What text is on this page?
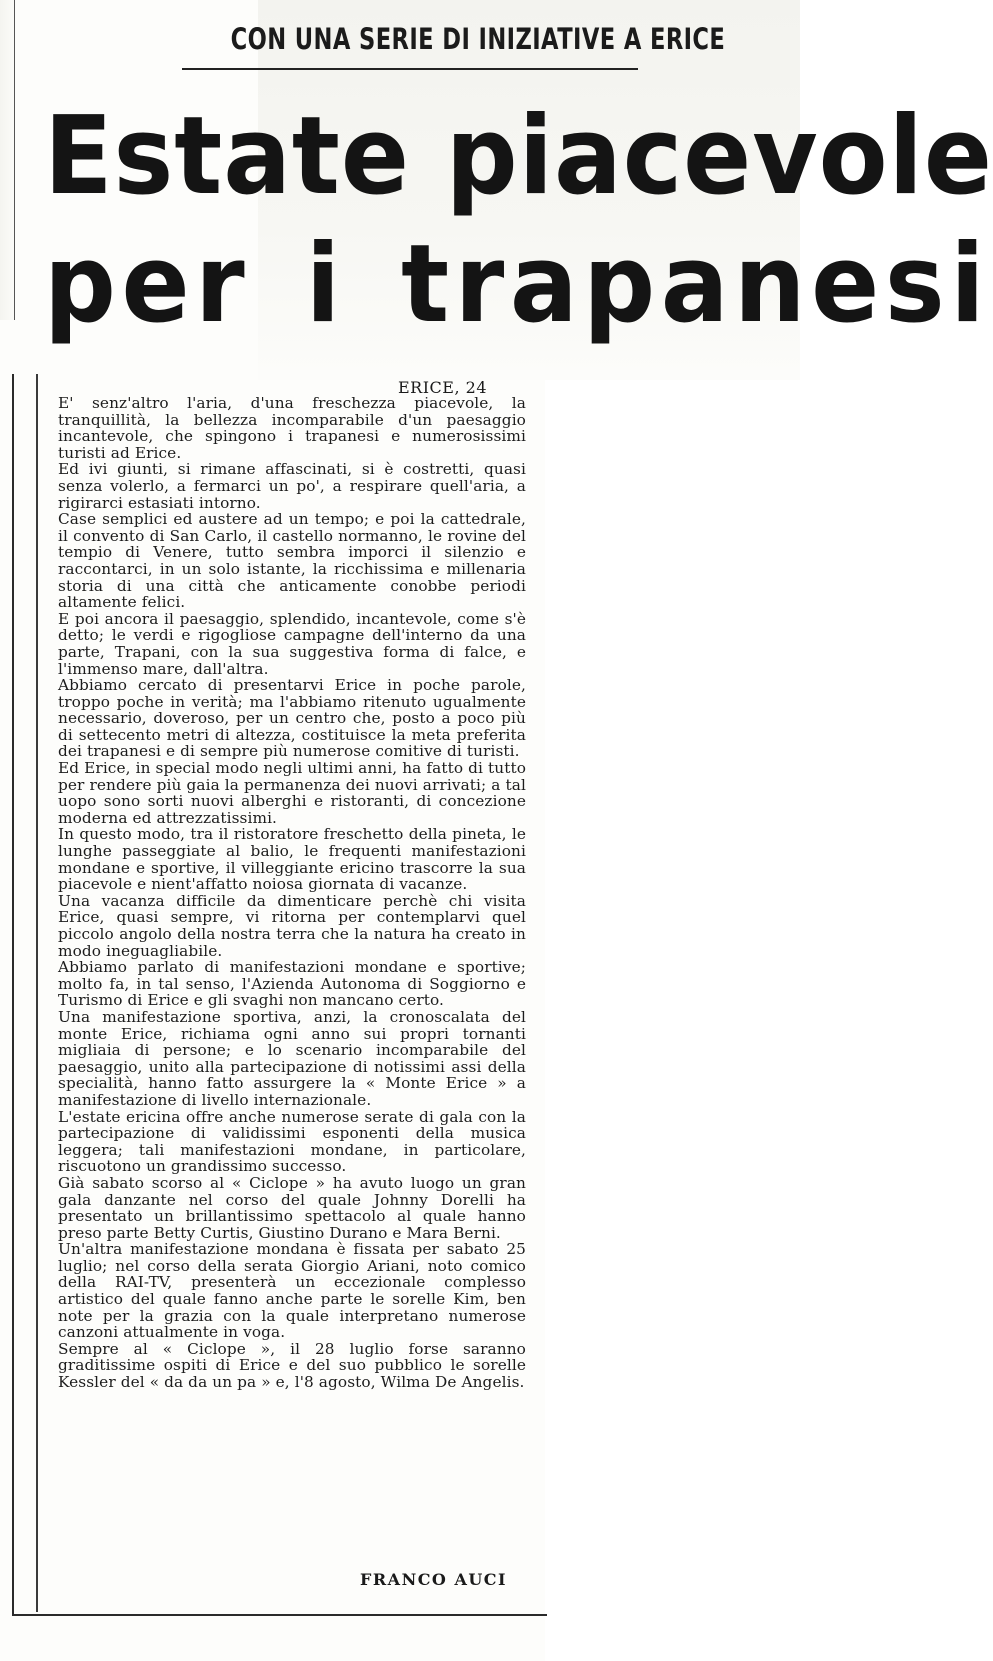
CON UNA SERIE DI INIZIATIVE A ERICE
Estate piacevole
per i trapanesi
ERICE, 24

E' senz'altro l'aria, d'una freschezza piacevole, la tranquillità, la bellezza incomparabile d'un paesaggio incantevole, che spingono i trapanesi e numerosissimi turisti ad Erice.

Ed ivi giunti, si rimane affascinati, si è costretti, quasi senza volerlo, a fermarci un po', a respirare quell'aria, a rigirarci estasiati intorno.

Case semplici ed austere ad un tempo; e poi la cattedrale, il convento di San Carlo, il castello normanno, le rovine del tempio di Venere, tutto sembra imporci il silenzio e raccontarci, in un solo istante, la ricchissima e millenaria storia di una città che anticamente conobbe periodi altamente felici.

E poi ancora il paesaggio, splendido, incantevole, come s'è detto; le verdi e rigogliose campagne dell'interno da una parte, Trapani, con la sua suggestiva forma di falce, e l'immenso mare, dall'altra.

Abbiamo cercato di presentarvi Erice in poche parole, troppo poche in verità; ma l'abbiamo ritenuto ugualmente necessario, doveroso, per un centro che, posto a poco più di settecento metri di altezza, costituisce la meta preferita dei trapanesi e di sempre più numerose comitive di turisti.

Ed Erice, in special modo negli ultimi anni, ha fatto di tutto per rendere più gaia la permanenza dei nuovi arrivati; a tal uopo sono sorti nuovi alberghi e ristoranti, di concezione moderna ed attrezzatissimi.

In questo modo, tra il ristoratore freschetto della pineta, le lunghe passeggiate al balio, le frequenti manifestazioni mondane e sportive, il villeggiante ericino trascorre la sua piacevole e nient'affatto noiosa giornata di vacanze.

Una vacanza difficile da dimenticare perchè chi visita Erice, quasi sempre, vi ritorna per contemplarvi quel piccolo angolo della nostra terra che la natura ha creato in modo ineguagliabile.

Abbiamo parlato di manifestazioni mondane e sportive; molto fa, in tal senso, l'Azienda Autonoma di Soggiorno e Turismo di Erice e gli svaghi non mancano certo.

Una manifestazione sportiva, anzi, la cronoscalata del monte Erice, richiama ogni anno sui propri tornanti migliaia di persone; e lo scenario incomparabile del paesaggio, unito alla partecipazione di notissimi assi della specialità, hanno fatto assurgere la « Monte Erice » a manifestazione di livello internazionale.

L'estate ericina offre anche numerose serate di gala con la partecipazione di validissimi esponenti della musica leggera; tali manifestazioni mondane, in particolare, riscuotono un grandissimo successo.

Già sabato scorso al « Ciclope » ha avuto luogo un gran gala danzante nel corso del quale Johnny Dorelli ha presentato un brillantissimo spettacolo al quale hanno preso parte Betty Curtis, Giustino Durano e Mara Berni.

Un'altra manifestazione mondana è fissata per sabato 25 luglio; nel corso della serata Giorgio Ariani, noto comico della RAI-TV, presenterà un eccezionale complesso artistico del quale fanno anche parte le sorelle Kim, ben note per la grazia con la quale interpretano numerose canzoni attualmente in voga.

Sempre al « Ciclope », il 28 luglio forse saranno graditissime ospiti di Erice e del suo pubblico le sorelle Kessler del « da da un pa » e, l'8 agosto, Wilma De Angelis.

FRANCO AUCI
